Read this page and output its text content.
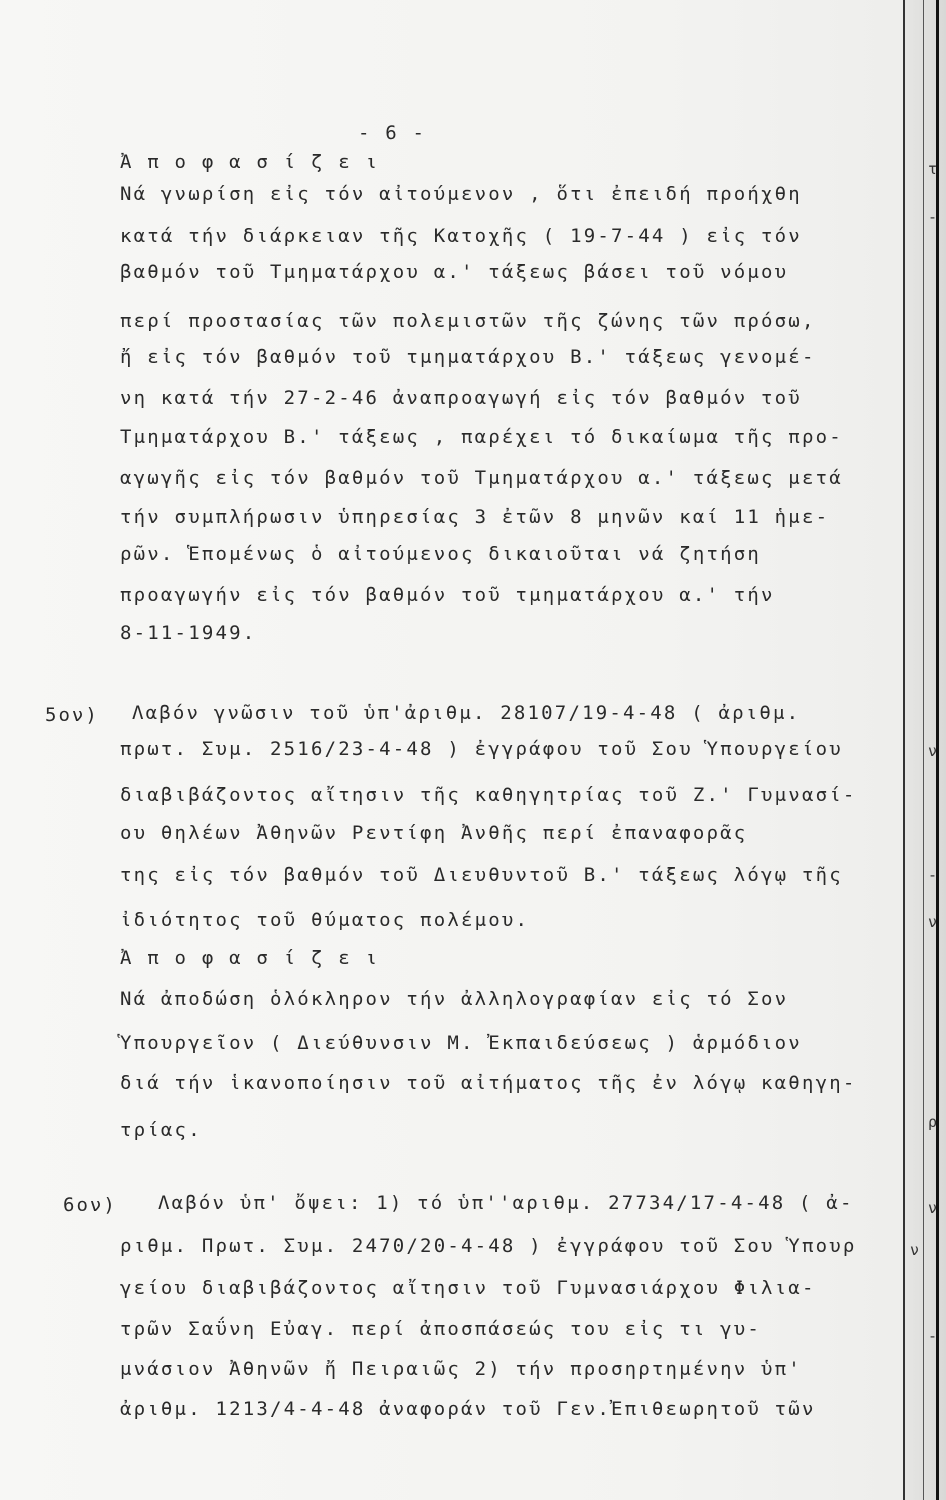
- 6 -
Ἀ π ο φ α σ ί ζ ε ι
Νά γνωρίση εἰς τόν αἰτούμενον , ὅτι ἐπειδή προήχθη
κατά τήν διάρκειαν τῆς Κατοχῆς ( 19-7-44 ) εἰς τόν
βαθμόν τοῦ Τμηματάρχου α.' τάξεως βάσει τοῦ νόμου
περί προστασίας τῶν πολεμιστῶν τῆς ζώνης τῶν πρόσω,
ἤ εἰς τόν βαθμόν τοῦ τμηματάρχου Β.' τάξεως γενομέ-
νη κατά τήν 27-2-46 ἀναπροαγωγή εἰς τόν βαθμόν τοῦ
Τμηματάρχου Β.' τάξεως , παρέχει τό δικαίωμα τῆς προ-
αγωγῆς εἰς τόν βαθμόν τοῦ Τμηματάρχου α.' τάξεως μετά
τήν συμπλήρωσιν ὑπηρεσίας 3 ἐτῶν 8 μηνῶν καί 11 ἡμε-
ρῶν. Ἑπομένως ὁ αἰτούμενος δικαιοῦται νά ζητήση
προαγωγήν εἰς τόν βαθμόν τοῦ τμηματάρχου α.' τήν
8-11-1949.
5ον) Λαβόν γνῶσιν τοῦ ὑπ'ἀριθμ. 28107/19-4-48 ( ἀριθμ.
πρωτ. Συμ. 2516/23-4-48 ) ἐγγράφου τοῦ Σου Ὑπουργείου
διαβιβάζοντος αἴτησιν τῆς καθηγητρίας τοῦ Ζ.' Γυμνασί-
ου θηλέων Ἀθηνῶν Ρεντίφη Ἀνθῆς περί ἐπαναφορᾶς
της εἰς τόν βαθμόν τοῦ Διευθυντοῦ Β.' τάξεως λόγῳ τῆς
ἰδιότητος τοῦ θύματος πολέμου.
Ἀ π ο φ α σ ί ζ ε ι
Νά ἀποδώση ὁλόκληρον τήν ἀλληλογραφίαν εἰς τό Σον
Ὑπουργεῖον ( Διεύθυνσιν Μ. Ἐκπαιδεύσεως ) ἁρμόδιον
διά τήν ἱκανοποίησιν τοῦ αἰτήματος τῆς ἐν λόγῳ καθηγη-
τρίας.
6ον) Λαβόν ὑπ' ὄψει: 1) τό ὑπ''αριθμ. 27734/17-4-48 ( ἀ-
ριθμ. Πρωτ. Συμ. 2470/20-4-48 ) ἐγγράφου τοῦ Σου Ὑπουρ
γείου διαβιβάζοντος αἴτησιν τοῦ Γυμνασιάρχου Φιλια-
τρῶν Σαΰνη Εὐαγ. περί ἀποσπάσεώς του εἰς τι γυ-
μνάσιον Ἀθηνῶν ἤ Πειραιῶς 2) τήν προσηρτημένην ὑπ'
ἀριθμ. 1213/4-4-48 ἀναφοράν τοῦ Γεν.Ἐπιθεωρητοῦ τῶν
τ
-
ν
-
ν
ρ
ν
ν
-
